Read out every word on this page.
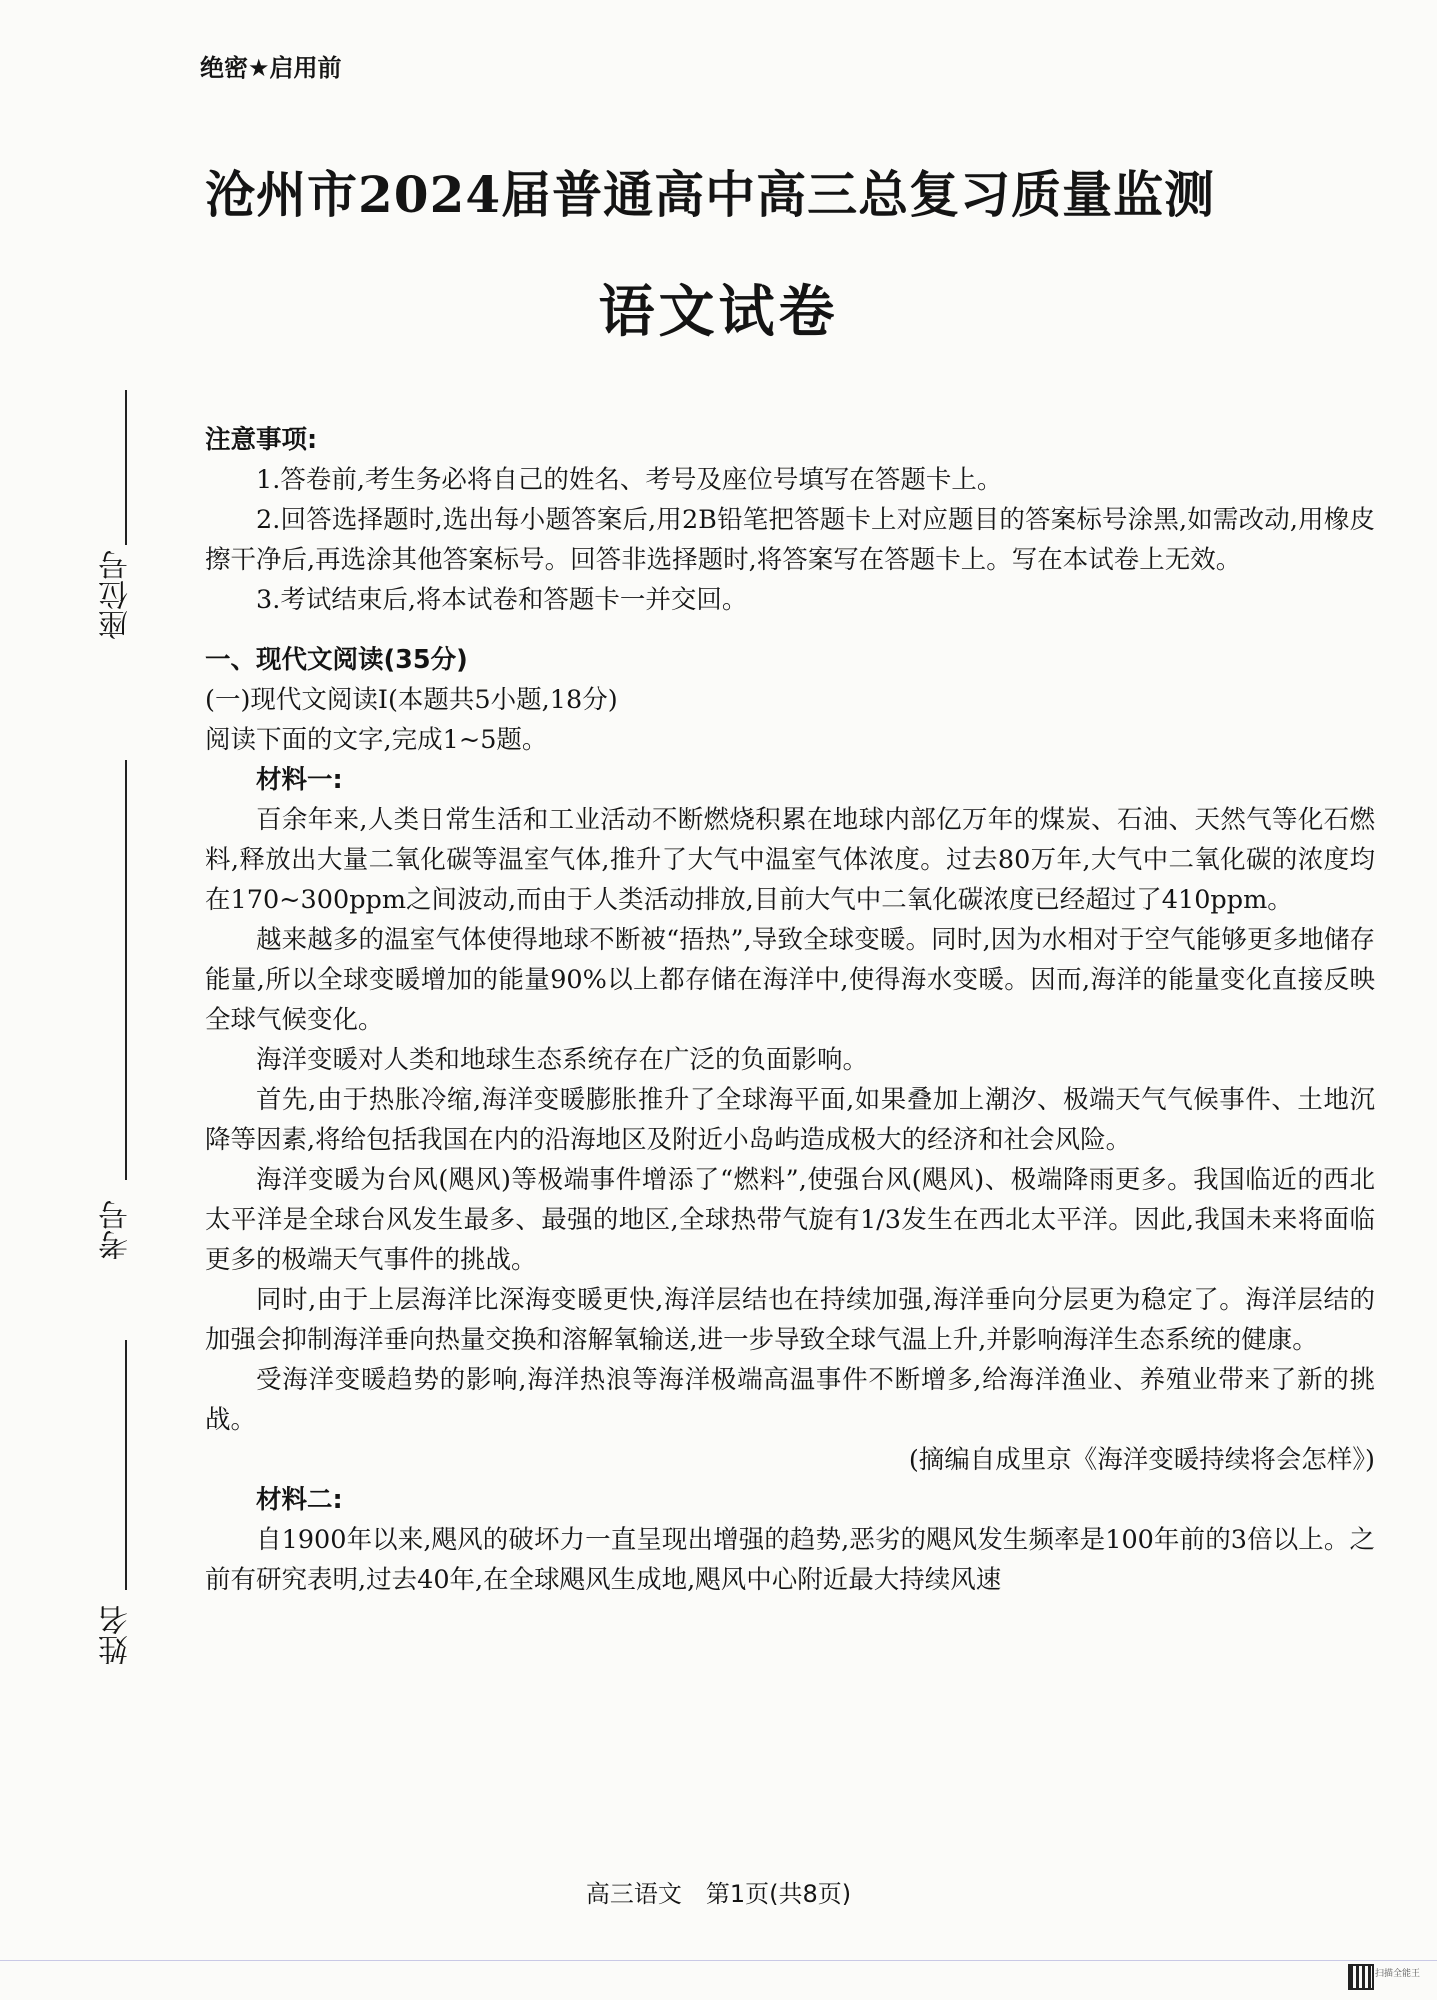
绝密★启用前
沧州市2024届普通高中高三总复习质量监测
语文试卷
座位号
考号
姓名

注意事项:

1.答卷前,考生务必将自己的姓名、考号及座位号填写在答题卡上。

2.回答选择题时,选出每小题答案后,用2B铅笔把答题卡上对应题目的答案标号涂黑,如需改动,用橡皮擦干净后,再选涂其他答案标号。回答非选择题时,将答案写在答题卡上。写在本试卷上无效。

3.考试结束后,将本试卷和答题卡一并交回。

一、现代文阅读(35分)

(一)现代文阅读Ⅰ(本题共5小题,18分)

阅读下面的文字,完成1~5题。

材料一:

百余年来,人类日常生活和工业活动不断燃烧积累在地球内部亿万年的煤炭、石油、天然气等化石燃料,释放出大量二氧化碳等温室气体,推升了大气中温室气体浓度。过去80万年,大气中二氧化碳的浓度均在170~300ppm之间波动,而由于人类活动排放,目前大气中二氧化碳浓度已经超过了410ppm。

越来越多的温室气体使得地球不断被“捂热”,导致全球变暖。同时,因为水相对于空气能够更多地储存能量,所以全球变暖增加的能量90%以上都存储在海洋中,使得海水变暖。因而,海洋的能量变化直接反映全球气候变化。

海洋变暖对人类和地球生态系统存在广泛的负面影响。

首先,由于热胀冷缩,海洋变暖膨胀推升了全球海平面,如果叠加上潮汐、极端天气气候事件、土地沉降等因素,将给包括我国在内的沿海地区及附近小岛屿造成极大的经济和社会风险。

海洋变暖为台风(飓风)等极端事件增添了“燃料”,使强台风(飓风)、极端降雨更多。我国临近的西北太平洋是全球台风发生最多、最强的地区,全球热带气旋有1/3发生在西北太平洋。因此,我国未来将面临更多的极端天气事件的挑战。

同时,由于上层海洋比深海变暖更快,海洋层结也在持续加强,海洋垂向分层更为稳定了。海洋层结的加强会抑制海洋垂向热量交换和溶解氧输送,进一步导致全球气温上升,并影响海洋生态系统的健康。

受海洋变暖趋势的影响,海洋热浪等海洋极端高温事件不断增多,给海洋渔业、养殖业带来了新的挑战。

(摘编自成里京《海洋变暖持续将会怎样》)

材料二:

自1900年以来,飓风的破坏力一直呈现出增强的趋势,恶劣的飓风发生频率是100年前的3倍以上。之前有研究表明,过去40年,在全球飓风生成地,飓风中心附近最大持续风速

高三语文　第1页(共8页)
扫描全能王
